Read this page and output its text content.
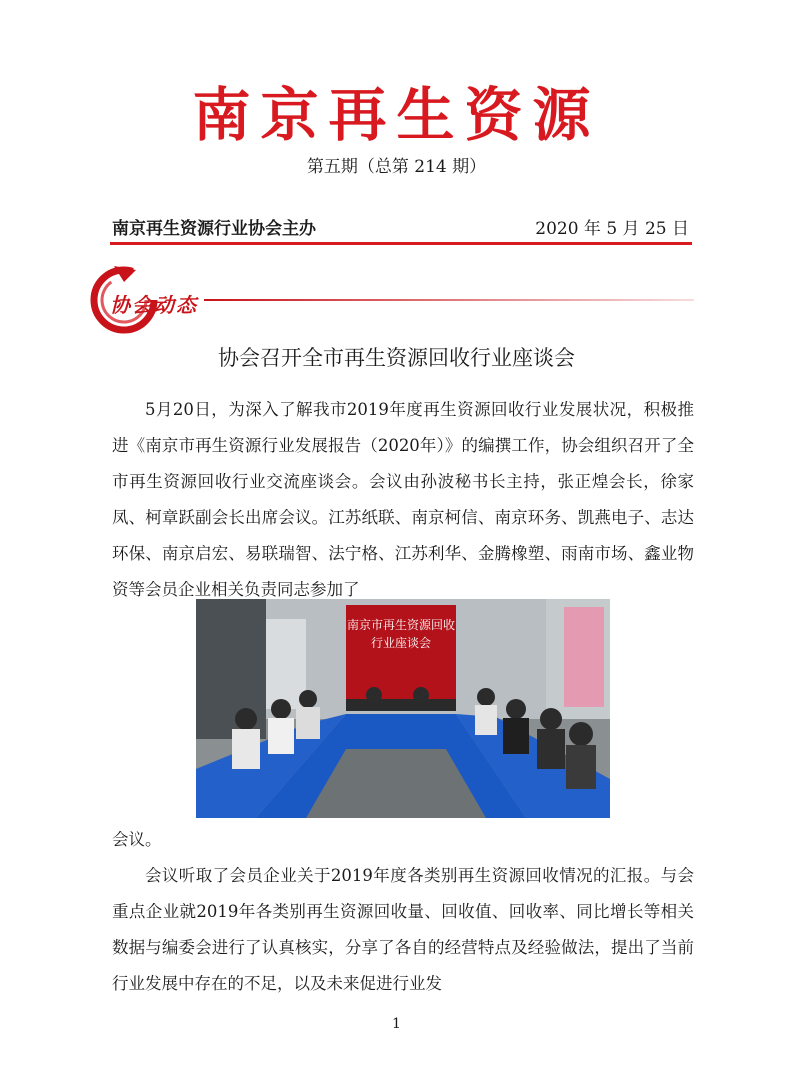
南京再生资源
第五期（总第 214 期）
南京再生资源行业协会主办	2020 年 5 月 25 日
协会动态
协会召开全市再生资源回收行业座谈会

5月20日，为深入了解我市2019年度再生资源回收行业发展状况，积极推进《南京市再生资源行业发展报告（2020年）》的编撰工作，协会组织召开了全市再生资源回收行业交流座谈会。会议由孙波秘书长主持，张正煌会长，徐家凤、柯章跃副会长出席会议。江苏纸联、南京柯信、南京环务、凯燕电子、志达环保、南京启宏、易联瑞智、法宁格、江苏利华、金腾橡塑、雨南市场、鑫业物资等会员企业相关负责同志参加了

南京市再生资源回收
行业座谈会
会议。

会议听取了会员企业关于2019年度各类别再生资源回收情况的汇报。与会重点企业就2019年各类别再生资源回收量、回收值、回收率、同比增长等相关数据与编委会进行了认真核实，分享了各自的经营特点及经验做法，提出了当前行业发展中存在的不足，以及未来促进行业发

1
